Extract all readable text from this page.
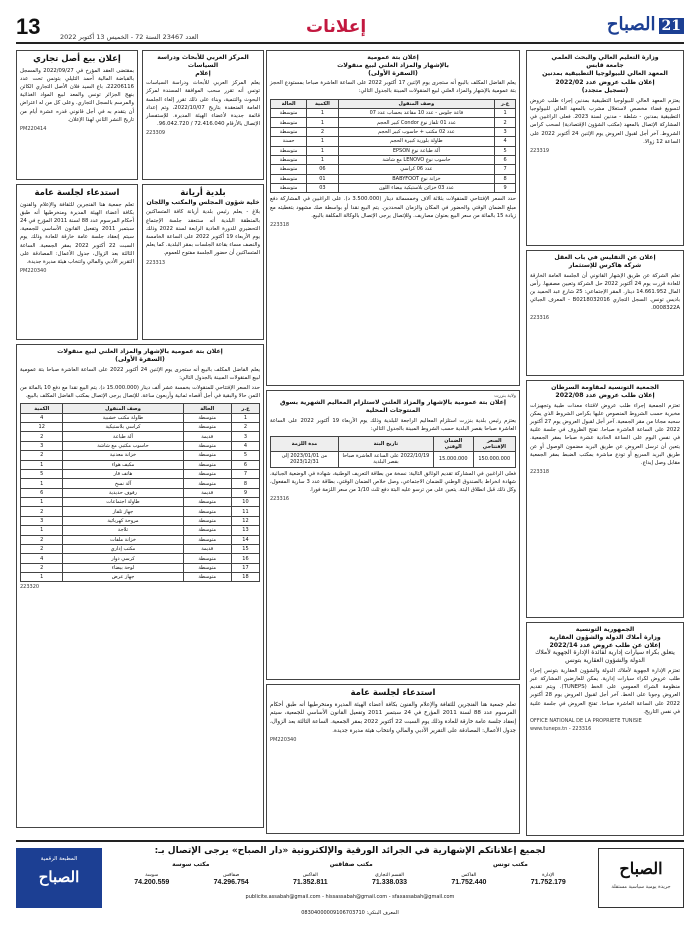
13	العدد 23467 السنة 72 - الخميس 13 أكتوبر 2022	إعلانات	21الصباح
وزارة التعليم العالي والبحث العلمي
جامعة قابس
المعهد العالي للبيولوجيا التطبيقية بمدنين
إعلان طلب عروض عدد 2022/02
(تسجيل متجدد)
يعتزم المعهد العالي للبيولوجيا التطبيقية بمدنين إجراء طلب عروض لتسويغ فضاء مخصص لاستغلال مشرب بالمعهد العالي للبيولوجيا التطبيقية بمدنين - شلطة - مدنين لسنة 2023. فعلى الراغبين في المشاركة الإتصال بالمعهد (مكتب الشؤون الإقتصادية) لسحب كراس الشروط. آخر أجل لقبول العروض يوم الإثنين 24 أكتوبر 2022 على الساعة 12 زوالا.
223319
إعلان عن التفليس في باب العقل
شركة هاكرس للإستثمار
تعلم الشركة عن طريق الإشهار القانوني أن الجلسة العامة الخارقة للعادة قررت يوم 24 أكتوبر 2022 حل الشركة وتعيين مصفيها. رأس المال 14.661.952 دينار. المقر الإجتماعي: 25 شارع عبد الحميد بن باديس تونس. السجل التجاري B0218032016 - المعرف الجبائي 0008322A.
223316
الجمعية التونسية لمقاومة السرطان
إعلان طلب عروض عدد 2022/08
تعتزم الجمعية إجراء طلب عروض لاقتناء معدات طبية وتجهيزات مخبرية حسب الشروط المنصوص عليها بكراس الشروط الذي يمكن سحبه مجانا من مقر الجمعية. آخر أجل لقبول العروض يوم 27 أكتوبر 2022 على الساعة العاشرة صباحا. تفتح الظروف في جلسة علنية في نفس اليوم على الساعة الحادية عشرة صباحا بمقر الجمعية. يتعين أن ترسل العروض عن طريق البريد مضمون الوصول أو عن طريق البريد السريع أو تودع مباشرة بمكتب الضبط بمقر الجمعية مقابل وصل إيداع.
223318
الجمهورية التونسية
وزارة أملاك الدولة والشؤون العقارية
إعلان عن طلب عروض عدد 2022/14
يتعلق بكراء سيارات إدارية لفائدة الإدارة الجهوية لأملاك الدولة والشؤون العقارية بتونس
تعتزم الإدارة الجهوية لأملاك الدولة والشؤون العقارية بتونس إجراء طلب عروض لكراء سيارات إدارية. يمكن للعارضين المشاركة عبر منظومة الشراء العمومي على الخط (TUNEPS). ويتم تقديم العروض وجوبا على الخط. آخر أجل لقبول العروض يوم 28 أكتوبر 2022 على الساعة العاشرة صباحا. تفتح العروض في جلسة علنية في نفس التاريخ.
OFFICE NATIONAL DE LA PROPRIETE TUNISIE
www.tuneps.tn - 223316
إعلان بتة عمومية
بالإشهار والمزاد العلني لبيع منقولات
(السفرة الأولى)
يعلم الفاضل المكلف بالبيع أنه ستجرى يوم الإثنين 17 أكتوبر 2022 على الساعة العاشرة صباحا بمستودع الحجز بتة عمومية بالإشهار والمزاد العلني لبيع المنقولات المبينة بالجدول التالي:
ع.ر	وصف المنقول	الكمية	الحالة
1	قاعة جلوس - عدد 10 مقاعد بحساب عدد 07	1	متوسطة
2	عدد 01 تلفاز نوع Condor كبير الحجم	1	متوسطة
3	عدد 02 مكتب + حاسوب كبير الحجم	2	متوسطة
4	طاولة بلورية كبيرة الحجم	1	حسنة
5	آلة طباعة نوع EPSON	1	متوسطة
6	حاسوب نوع LENOVO مع شاشة	1	متوسطة
7	عدد 06 كراسي	06	متوسطة
8	خزانة نوع BABYFOOT	01	متوسطة
9	عدد 03 خزائن بلاستيكية بيضاء اللون	03	متوسطة
حدد السعر الإفتتاحي للمنقولات بثلاثة آلاف وخمسمائة دينار (3.500.000 د). على الراغبين في المشاركة دفع مبلغ الضمان الوقتي والحضور في المكان والزمان المحددين. يتم البيع نقدا أو بواسطة صك مشهود بتغطيته مع زيادة 15 بالمائة من سعر البيع بعنوان مصاريف. وللإتصال يرجى الإتصال بالوكالة المكلفة بالبيع.
223318
ولاية بنزرت
إعلان بتة عمومية بالإشهار والمزاد العلني لاستلزام المعاليم الشهرية بسوق المنتوجات المحلية
يعتزم رئيس بلدية بنزرت استلزام المعاليم الراجعة للبلدية وذلك يوم الأربعاء 19 أكتوبر 2022 على الساعة العاشرة صباحا بقصر البلدية حسب الشروط المبينة بالجدول التالي:
السعر الإفتتاحي	الضمان الوقتي	تاريخ البتة	مدة اللزمة
150.000.000	15.000.000	2022/10/19 على الساعة العاشرة صباحا بقصر البلدية	من 2023/01/01 إلى 2023/12/31
فعلى الراغبين في المشاركة تقديم الوثائق التالية: نسخة من بطاقة التعريف الوطنية، شهادة في الوضعية الجبائية، شهادة انخراط بالصندوق الوطني للضمان الاجتماعي، وصل خلاص الضمان الوقتي، بطاقة عدد 3 سارية المفعول، وكل ذلك قبل انطلاق البتة. يتعين على من ترسو عليه البتة دفع ثلث 1/10 من سعر اللزمة فورا.
223316
استدعاء لجلسة عامة
تعلم جمعية هنا الفنجرين للثقافة والإعلام والفنون بكافة أعضاء الهيئة المديرة ومنخرطيها أنه طبق أحكام المرسوم عدد 88 لسنة 2011 المؤرخ في 24 سبتمبر 2011 وتفعيل القانون الأساسي للجمعية، سيتم إنعقاد جلسة عامة خارقة للعادة وذلك يوم السبت 22 أكتوبر 2022 بمقر الجمعية. الساعة الثالثة بعد الزوال، جدول الأعمال: المصادقة على التقرير الأدبي والمالي وانتخاب هيئة مديرة جديدة.
PM220340
المركز العربي للأبحاث ودراسة السياسات
إعلام
يعلم المركز العربي للأبحاث ودراسة السياسات تونس أنه تقرر سحب الموافقة المسندة لمركز البحوث والتنمية، وبناء على ذلك تقرر إلغاء الجلسة العامة المنعقدة بتاريخ 2022/10/07، وتم إعداد قائمة جديدة لأعضاء الهيئة المديرة. للإستفسار الإتصال بالأرقام 72.416.040 / 96.042.720.
223309
إعلان بيع أصل تجاري
بمقتضى العقد المؤرخ في 2022/09/27 والمسجل بالقباضة المالية أحمد التليلي بتونس تحت عدد 22206116، باع السيد فلان الأصل التجاري الكائن بنهج الجزائر تونس والمعد لبيع المواد الغذائية والمرسم بالسجل التجاري. وعلى كل من له اعتراض أن يتقدم به في أجل قانوني قدره عشرة أيام من تاريخ النشر الثاني لهذا الإعلان.
PM220414
بلدية أريانة
خلية شؤون المجلس والمكتب واللجان
بلاغ - يعلم رئيس بلدية أريانة كافة المتساكنين بالمنطقة البلدية أنه ستنعقد جلسة الإجتماع التحضيري للدورة العادية الرابعة لسنة 2022 وذلك يوم الأربعاء 19 أكتوبر 2022 على الساعة الخامسة والنصف مساء بقاعة الجلسات بمقر البلدية. كما يعلم المتساكنين أن حضور الجلسة مفتوح للعموم.
223313
استدعاء لجلسة عامة
تعلم جمعية هنا الفنجرين للثقافة والإعلام والفنون بكافة أعضاء الهيئة المديرة ومنخرطيها أنه طبق أحكام المرسوم عدد 88 لسنة 2011 المؤرخ في 24 سبتمبر 2011 وتفعيل القانون الأساسي للجمعية، سيتم إنعقاد جلسة عامة خارقة للعادة وذلك يوم السبت 22 أكتوبر 2022 بمقر الجمعية. الساعة الثالثة بعد الزوال، جدول الأعمال: المصادقة على التقرير الأدبي والمالي وانتخاب هيئة مديرة جديدة.
PM220340
إعلان بتة عمومية بالإشهار والمزاد العلني لبيع منقولات
(السفرة الأولى)
يعلم الفاضل المكلف بالبيع أنه ستجرى يوم الإثنين 24 أكتوبر 2022 على الساعة العاشرة صباحا بتة عمومية لبيع المنقولات المبينة بالجدول التالي:
حدد السعر الإفتتاحي للمنقولات بخمسة عشر ألف دينار (15.000.000 د). يتم البيع نقدا مع دفع 10 بالمائة من الثمن حالا والبقية في أجل أقصاه ثمانية وأربعون ساعة. للإتصال يرجى الإتصال بمكتب الفاضل المكلف بالبيع.
ع.ر	الحالة	وصف المنقول	الكمية
1	متوسطة	طاولة مكتب خشبية	4
2	متوسطة	كراسي بلاستيكية	12
3	قديمة	آلة طباعة	2
4	متوسطة	حاسوب مكتبي مع شاشة	3
5	متوسطة	خزانة معدنية	2
6	متوسطة	مكيف هواء	1
7	متوسطة	هاتف قار	5
8	متوسطة	آلة نسخ	1
9	قديمة	رفوف حديدية	6
10	متوسطة	طاولة اجتماعات	1
11	متوسطة	جهاز تلفاز	2
12	متوسطة	مروحة كهربائية	3
13	متوسطة	ثلاجة	1
14	متوسطة	خزانة ملفات	2
15	قديمة	مكتب إداري	2
16	متوسطة	كرسي دوار	4
17	متوسطة	لوحة بيضاء	2
18	متوسطة	جهاز عرض	1
223320
المطبعة الرقمية
الصباح
لجميع إعلاناتكم الإشهارية في الجرائد الورقية والإلكترونية «دار الصباح» يرجى الإتصال بـ:
مكتب تونس
مكتب صفاقس
مكتب سوسة
الإدارة
71.752.179
الفاكس
71.752.440
القسم التجاري
71.338.033
الفاكس
71.352.811
صفاقس
74.296.754
سوسة
74.200.559
publicite.assabah@gmail.com - hissassabah@gmail.com - sfaxassabah@gmail.com
المعرف البنكي: 08304000009106703710
الصباح
جريدة يومية سياسية مستقلة
